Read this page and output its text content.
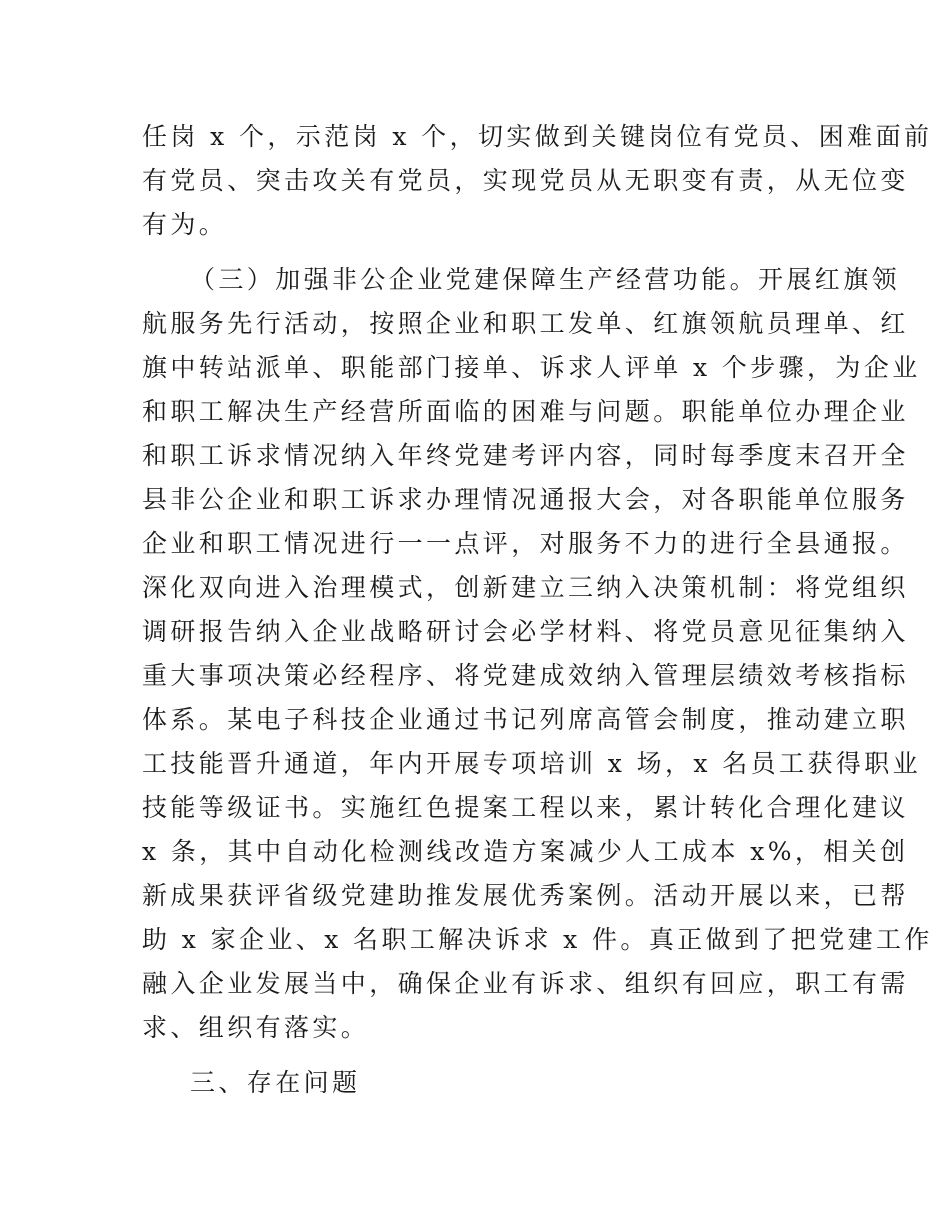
任岗 x 个，示范岗 x 个，切实做到关键岗位有党员、困难面前
有党员、突击攻关有党员，实现党员从无职变有责，从无位变
有为。
（三）加强非公企业党建保障生产经营功能。开展红旗领
航服务先行活动，按照企业和职工发单、红旗领航员理单、红
旗中转站派单、职能部门接单、诉求人评单 x 个步骤，为企业
和职工解决生产经营所面临的困难与问题。职能单位办理企业
和职工诉求情况纳入年终党建考评内容，同时每季度末召开全
县非公企业和职工诉求办理情况通报大会，对各职能单位服务
企业和职工情况进行一一点评，对服务不力的进行全县通报。
深化双向进入治理模式，创新建立三纳入决策机制：将党组织
调研报告纳入企业战略研讨会必学材料、将党员意见征集纳入
重大事项决策必经程序、将党建成效纳入管理层绩效考核指标
体系。某电子科技企业通过书记列席高管会制度，推动建立职
工技能晋升通道，年内开展专项培训 x 场，x 名员工获得职业
技能等级证书。实施红色提案工程以来，累计转化合理化建议
x 条，其中自动化检测线改造方案减少人工成本 x%，相关创
新成果获评省级党建助推发展优秀案例。活动开展以来，已帮
助 x 家企业、x 名职工解决诉求 x 件。真正做到了把党建工作
融入企业发展当中，确保企业有诉求、组织有回应，职工有需
求、组织有落实。
三、存在问题
